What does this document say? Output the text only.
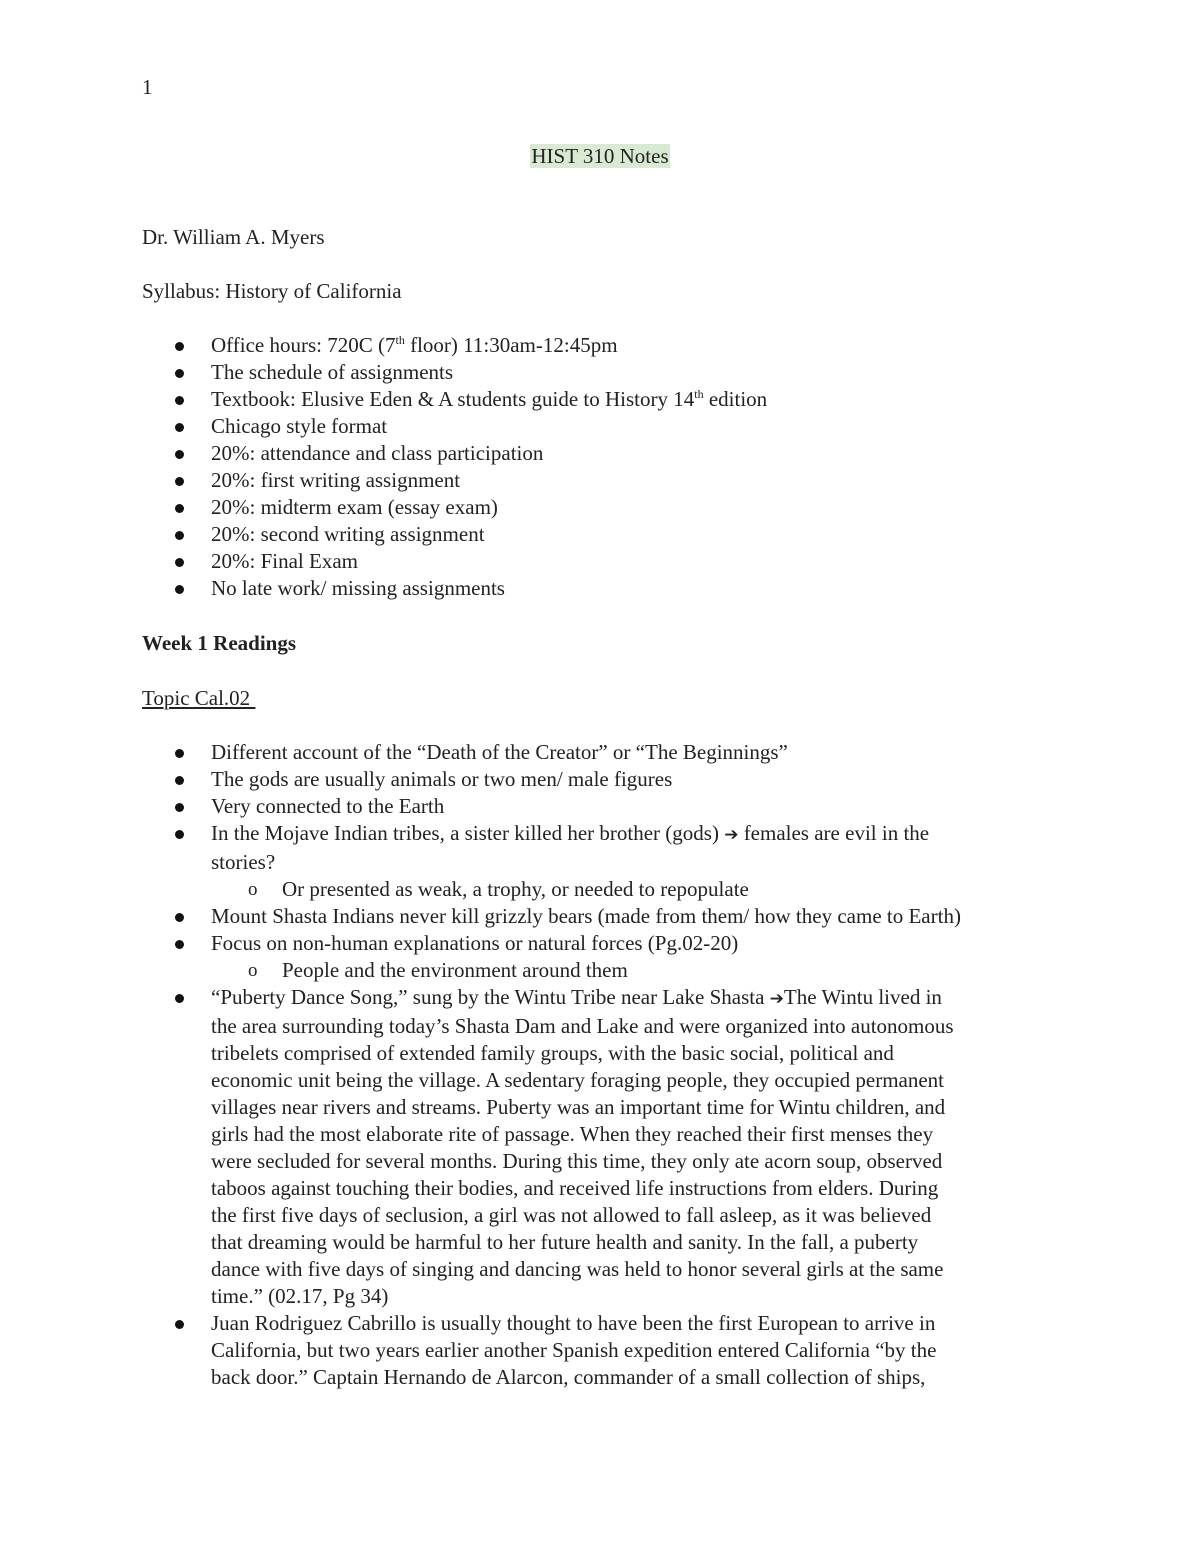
1
HIST 310 Notes
Dr. William A. Myers
Syllabus: History of California
Office hours: 720C (7th floor) 11:30am-12:45pm
The schedule of assignments
Textbook: Elusive Eden & A students guide to History 14th edition
Chicago style format
20%: attendance and class participation
20%: first writing assignment
20%: midterm exam (essay exam)
20%: second writing assignment
20%: Final Exam
No late work/ missing assignments
Week 1 Readings
Topic Cal.02
Different account of the “Death of the Creator” or “The Beginnings”
The gods are usually animals or two men/ male figures
Very connected to the Earth
In the Mojave Indian tribes, a sister killed her brother (gods) ➔ females are evil in the
stories?
o Or presented as weak, a trophy, or needed to repopulate
Mount Shasta Indians never kill grizzly bears (made from them/ how they came to Earth)
Focus on non-human explanations or natural forces (Pg.02-20)
o People and the environment around them
“Puberty Dance Song,” sung by the Wintu Tribe near Lake Shasta ➔The Wintu lived in
the area surrounding today’s Shasta Dam and Lake and were organized into autonomous
tribelets comprised of extended family groups, with the basic social, political and
economic unit being the village. A sedentary foraging people, they occupied permanent
villages near rivers and streams. Puberty was an important time for Wintu children, and
girls had the most elaborate rite of passage. When they reached their first menses they
were secluded for several months. During this time, they only ate acorn soup, observed
taboos against touching their bodies, and received life instructions from elders. During
the first five days of seclusion, a girl was not allowed to fall asleep, as it was believed
that dreaming would be harmful to her future health and sanity. In the fall, a puberty
dance with five days of singing and dancing was held to honor several girls at the same
time.” (02.17, Pg 34)
Juan Rodriguez Cabrillo is usually thought to have been the first European to arrive in
California, but two years earlier another Spanish expedition entered California “by the
back door.” Captain Hernando de Alarcon, commander of a small collection of ships,
